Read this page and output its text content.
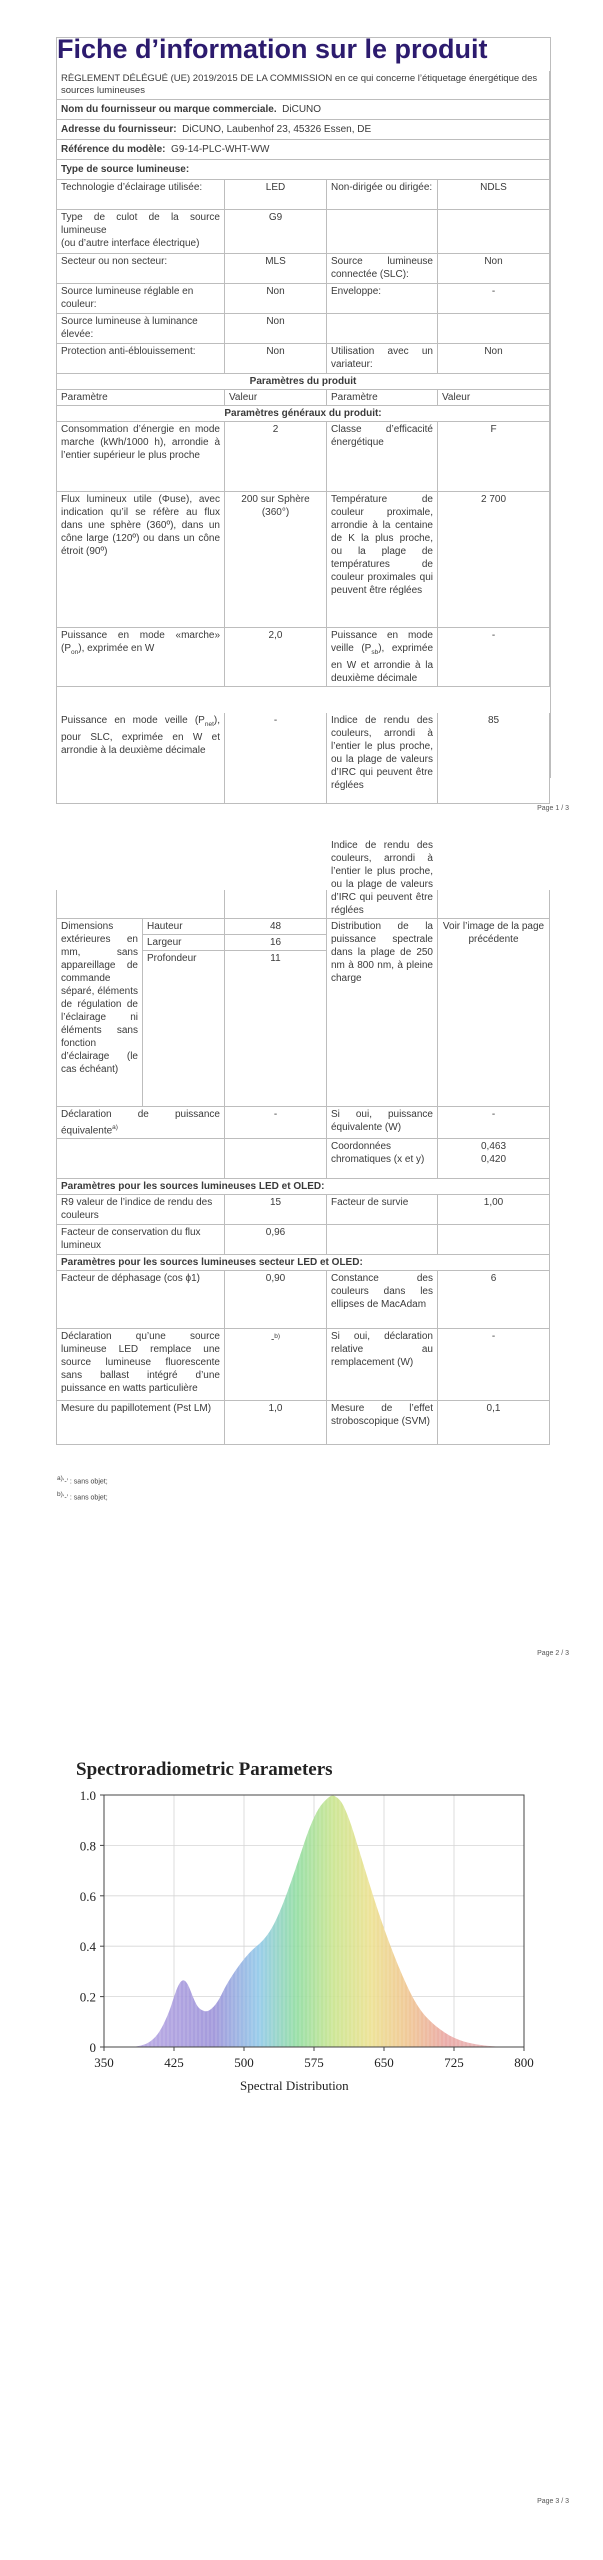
Fiche d’information sur le produit
RÈGLEMENT DÉLÉGUÉ (UE) 2019/2015 DE LA COMMISSION en ce qui concerne l’étiquetage énergétique des sources lumineuses			
Nom du fournisseur ou marque commerciale. DiCUNO			
Adresse du fournisseur: DiCUNO, Laubenhof 23, 45326 Essen, DE			
Référence du modèle: G9-14-PLC-WHT-WW			
Type de source lumineuse:			
Technologie d’éclairage utilisée:	LED	Non-dirigée ou dirigée:	NDLS
Type de culot de la source lumineuse
(ou d’autre interface électrique)	G9		
Secteur ou non secteur:	MLS	Source lumineuse connectée (SLC):	Non
Source lumineuse réglable en couleur:	Non	Enveloppe:	-
Source lumineuse à luminance élevée:	Non		
Protection anti-éblouissement:	Non	Utilisation avec un variateur:	Non
Paramètres du produit			
Paramètre	Valeur	Paramètre	Valeur
Paramètres généraux du produit:			
Consommation d’énergie en mode marche (kWh/1000 h), arrondie à l’entier supérieur le plus proche	2	Classe d’efficacité énergétique	F
Flux lumineux utile (Φuse), avec indication qu’il se réfère au flux dans une sphère (360º), dans un cône large (120º) ou dans un cône étroit (90º)	200 sur Sphère (360°)	Température de couleur proximale, arrondie à la centaine de K la plus proche, ou la plage de températures de couleur proximales qui peuvent être réglées	2 700
Puissance en mode «marche» $(P_{on})$, exprimée en W	2,0	Puissance en mode veille $(P_{sb})$, exprimée en W et arrondie à la deuxième décimale	-
Puissance en mode veille $(P_{net})$, pour SLC, exprimée en W et arrondie à la deuxième décimale	-	Indice de rendu des couleurs, arrondi à l’entier le plus proche, ou la plage de valeurs d’IRC qui peuvent être réglées	85
Page 1 / 3

			Indice de rendu des couleurs, arrondi à l’entier le plus proche, ou la plage de valeurs d’IRC qui peuvent être réglées	

Dimensions extérieures en mm, sans appareillage de commande séparé, éléments de régulation de l’éclairage ni éléments sans fonction d’éclairage (le cas échéant)	Hauteur	48	Distribution de la puissance spectrale dans la plage de 250 nm à 800 nm, à pleine charge	Voir l’image de la page précédente
	Largeur	16		
	Profondeur	11		
Déclaration de puissance équivalente$^{a)}$		-	Si oui, puissance équivalente (W)	-
			Coordonnées chromatiques (x et y)	0,463
0,420
Paramètres pour les sources lumineuses LED et OLED:				
R9 valeur de l’indice de rendu des couleurs		15	Facteur de survie	1,00
Facteur de conservation du flux lumineux		0,96		
Paramètres pour les sources lumineuses secteur LED et OLED:				
Facteur de déphasage (cos ϕ1)		0,90	Constance des couleurs dans les ellipses de MacAdam	6
Déclaration qu’une source lumineuse LED remplace une source lumineuse fluorescente sans ballast intégré d’une puissance en watts particulière		-$^{b)}$	Si oui, déclaration relative au remplacement (W)	-
Mesure du papillotement (Pst LM)		1,0	Mesure de l’effet stroboscopique (SVM)	0,1
a)‘-’ : sans objet;
b)‘-’ : sans objet;
Page 2 / 3
Page 3 / 3
Spectroradiometric Parameters
0
0.2
0.4
0.6
0.8
1.0
350	425	500	575	650	725	800
Spectral Distribution
